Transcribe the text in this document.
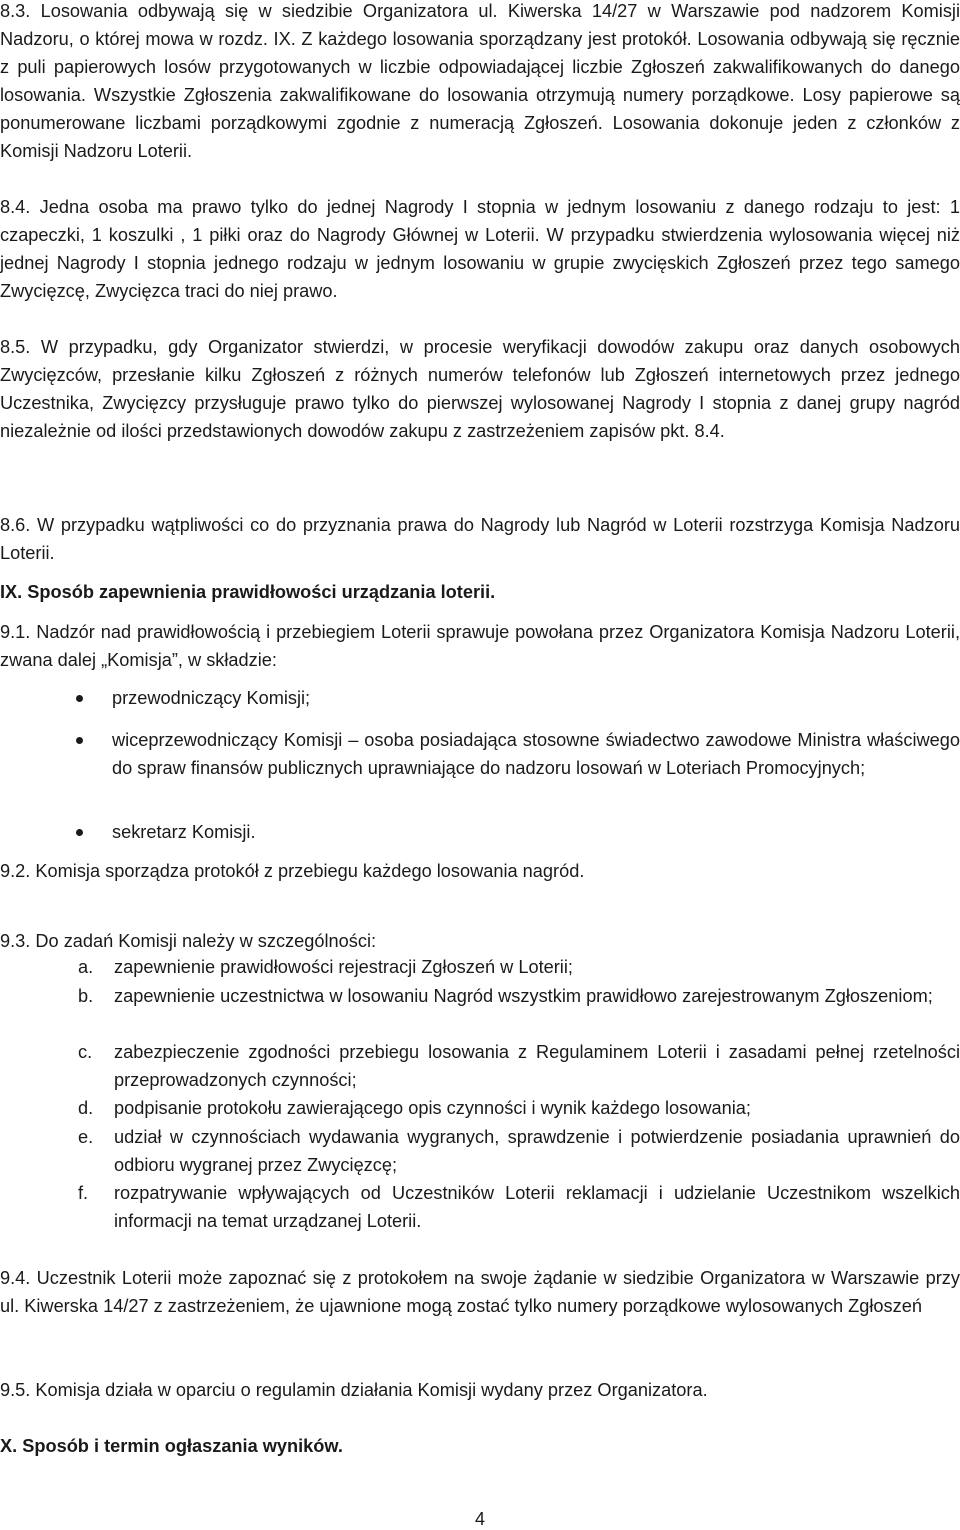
8.3. Losowania odbywają się w siedzibie Organizatora ul. Kiwerska 14/27 w Warszawie pod nadzorem Komisji Nadzoru, o której mowa w rozdz. IX. Z każdego losowania sporządzany jest protokół. Losowania odbywają się ręcznie z puli papierowych losów przygotowanych w liczbie odpowiadającej liczbie Zgłoszeń zakwalifikowanych do danego losowania. Wszystkie Zgłoszenia zakwalifikowane do losowania otrzymują numery porządkowe. Losy papierowe są ponumerowane liczbami porządkowymi zgodnie z numeracją Zgłoszeń. Losowania dokonuje jeden z członków z Komisji Nadzoru Loterii.

8.4. Jedna osoba ma prawo tylko do jednej Nagrody I stopnia w jednym losowaniu z danego rodzaju to jest: 1 czapeczki, 1 koszulki , 1 piłki oraz do Nagrody Głównej w Loterii. W przypadku stwierdzenia wylosowania więcej niż jednej Nagrody I stopnia jednego rodzaju w jednym losowaniu w grupie zwycięskich Zgłoszeń przez tego samego Zwycięzcę, Zwycięzca traci do niej prawo.

8.5. W przypadku, gdy Organizator stwierdzi, w procesie weryfikacji dowodów zakupu oraz danych osobowych Zwycięzców, przesłanie kilku Zgłoszeń z różnych numerów telefonów lub Zgłoszeń internetowych przez jednego Uczestnika, Zwycięzcy przysługuje prawo tylko do pierwszej wylosowanej Nagrody I stopnia z danej grupy nagród niezależnie od ilości przedstawionych dowodów zakupu z zastrzeżeniem zapisów pkt. 8.4.

8.6. W przypadku wątpliwości co do przyznania prawa do Nagrody lub Nagród w Loterii rozstrzyga Komisja Nadzoru Loterii.

IX. Sposób zapewnienia prawidłowości urządzania loterii.

9.1. Nadzór nad prawidłowością i przebiegiem Loterii sprawuje powołana przez Organizatora Komisja Nadzoru Loterii, zwana dalej „Komisja”, w składzie:

przewodniczący Komisji;
wiceprzewodniczący Komisji – osoba posiadająca stosowne świadectwo zawodowe Ministra właściwego do spraw finansów publicznych uprawniające do nadzoru losowań w Loteriach Promocyjnych;
sekretarz Komisji.

9.2. Komisja sporządza protokół z przebiegu każdego losowania nagród.

9.3. Do zadań Komisji należy w szczególności:

a.	zapewnienie prawidłowości rejestracji Zgłoszeń w Loterii;
b.	zapewnienie uczestnictwa w losowaniu Nagród wszystkim prawidłowo zarejestrowanym Zgłoszeniom;
c.	zabezpieczenie zgodności przebiegu losowania z Regulaminem Loterii i zasadami pełnej rzetelności przeprowadzonych czynności;
d.	podpisanie protokołu zawierającego opis czynności i wynik każdego losowania;
e.	udział w czynnościach wydawania wygranych, sprawdzenie i potwierdzenie posiadania uprawnień do odbioru wygranej przez Zwycięzcę;
f.	rozpatrywanie wpływających od Uczestników Loterii reklamacji i udzielanie Uczestnikom wszelkich informacji na temat urządzanej Loterii.

9.4. Uczestnik Loterii może zapoznać się z protokołem na swoje żądanie w siedzibie Organizatora w Warszawie przy ul. Kiwerska 14/27 z zastrzeżeniem, że ujawnione mogą zostać tylko numery porządkowe wylosowanych Zgłoszeń

9.5. Komisja działa w oparciu o regulamin działania Komisji wydany przez Organizatora.

X. Sposób i termin ogłaszania wyników.

4
